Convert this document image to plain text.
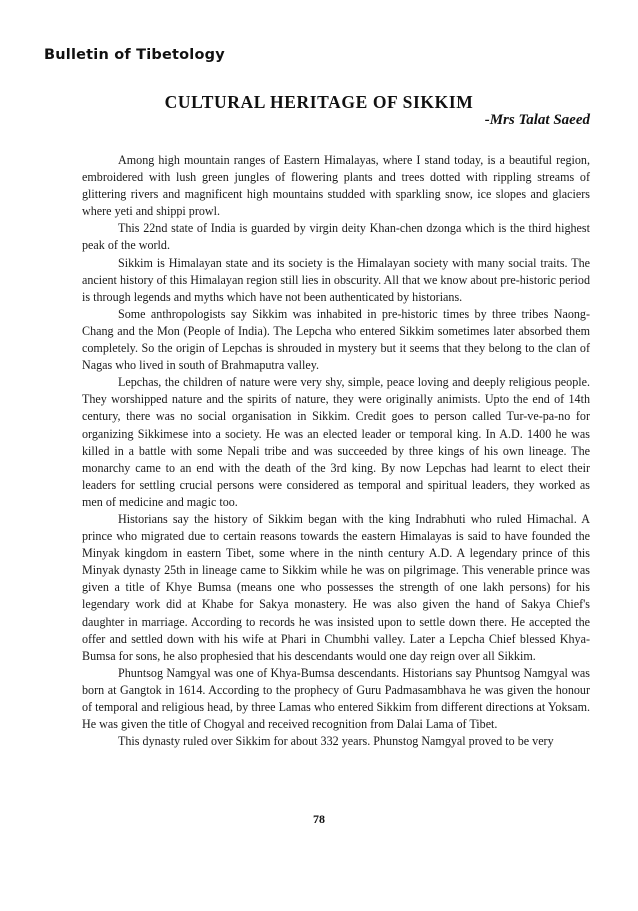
Bulletin of Tibetology
CULTURAL HERITAGE OF SIKKIM
-Mrs Talat Saeed

Among high mountain ranges of Eastern Himalayas, where I stand today, is a beautiful region, embroidered with lush green jungles of flowering plants and trees dotted with rippling streams of glittering rivers and magnificent high mountains studded with sparkling snow, ice slopes and glaciers where yeti and shippi prowl.

This 22nd state of India is guarded by virgin deity Khan-chen dzonga which is the third highest peak of the world.

Sikkim is Himalayan state and its society is the Himalayan society with many social traits. The ancient history of this Himalayan region still lies in obscurity. All that we know about pre-historic period is through legends and myths which have not been authenticated by historians.

Some anthropologists say Sikkim was inhabited in pre-historic times by three tribes Naong-Chang and the Mon (People of India). The Lepcha who entered Sikkim sometimes later absorbed them completely. So the origin of Lepchas is shrouded in mystery but it seems that they belong to the clan of Nagas who lived in south of Brahmaputra valley.

Lepchas, the children of nature were very shy, simple, peace loving and deeply religious people. They worshipped nature and the spirits of nature, they were originally animists. Upto the end of 14th century, there was no social organisation in Sikkim. Credit goes to person called Tur-ve-pa-no for organizing Sikkimese into a society. He was an elected leader or temporal king. In A.D. 1400 he was killed in a battle with some Nepali tribe and was succeeded by three kings of his own lineage. The monarchy came to an end with the death of the 3rd king. By now Lepchas had learnt to elect their leaders for settling crucial persons were considered as temporal and spiritual leaders, they worked as men of medicine and magic too.

Historians say the history of Sikkim began with the king Indrabhuti who ruled Himachal. A prince who migrated due to certain reasons towards the eastern Himalayas is said to have founded the Minyak kingdom in eastern Tibet, some where in the ninth century A.D. A legendary prince of this Minyak dynasty 25th in lineage came to Sikkim while he was on pilgrimage. This venerable prince was given a title of Khye Bumsa (means one who possesses the strength of one lakh persons) for his legendary work did at Khabe for Sakya monastery. He was also given the hand of Sakya Chief's daughter in marriage. According to records he was insisted upon to settle down there. He accepted the offer and settled down with his wife at Phari in Chumbhi valley. Later a Lepcha Chief blessed Khya- Bumsa for sons, he also prophesied that his descendants would one day reign over all Sikkim.

Phuntsog Namgyal was one of Khya-Bumsa descendants. Historians say Phuntsog Namgyal was born at Gangtok in 1614. According to the prophecy of Guru Padmasambhava he was given the honour of temporal and religious head, by three Lamas who entered Sikkim from different directions at Yoksam. He was given the title of Chogyal and received recognition from Dalai Lama of Tibet.

This dynasty ruled over Sikkim for about 332 years. Phunstog Namgyal proved to be very

78
